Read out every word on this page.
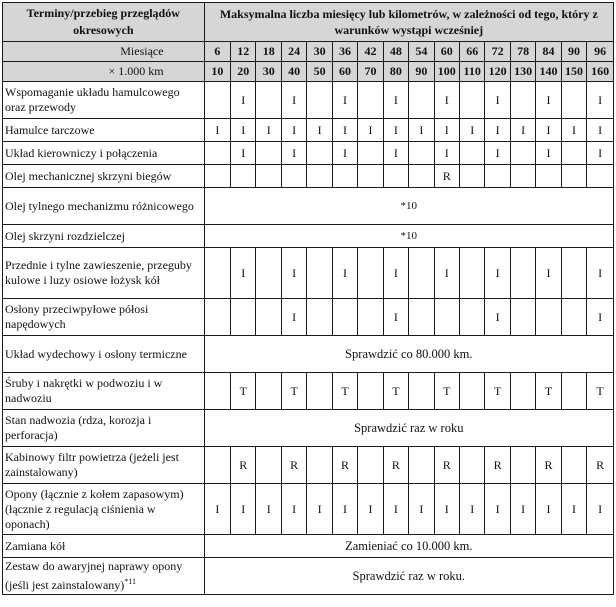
Terminy/przebieg przeglądów okresowych	Maksymalna liczba miesięcy lub kilometrów, w zależności od tego, który z warunków wystąpi wcześniej															
Miesiące	6	12	18	24	30	36	42	48	54	60	66	72	78	84	90	96
× 1.000 km	10	20	30	40	50	60	70	80	90	100	110	120	130	140	150	160
Wspomaganie układu hamulcowego oraz przewody		I		I		I		I		I		I		I		I
Hamulce tarczowe	I	I	I	I	I	I	I	I	I	I	I	I	I	I	I	I
Układ kierowniczy i połączenia		I		I		I		I		I		I		I		I
Olej mechanicznej skrzyni biegów										R						
Olej tylnego mechanizmu różnicowego	*10															
Olej skrzyni rozdzielczej	*10															
Przednie i tylne zawieszenie, przeguby kulowe i luzy osiowe łożysk kół		I		I		I		I		I		I		I		I
Osłony przeciwpyłowe półosi napędowych				I				I				I				I
Układ wydechowy i osłony termiczne	Sprawdzić co 80.000 km.															
Śruby i nakrętki w podwoziu i w nadwoziu		T		T		T		T		T		T		T		T
Stan nadwozia (rdza, korozja i perforacja)	Sprawdzić raz w roku															
Kabinowy filtr powietrza (jeżeli jest zainstalowany)		R		R		R		R		R		R		R		R
Opony (łącznie z kołem zapasowym) (łącznie z regulacją ciśnienia w oponach)	I	I	I	I	I	I	I	I	I	I	I	I	I	I	I	I
Zamiana kół	Zamieniać co 10.000 km.															
Zestaw do awaryjnej naprawy opony (jeśli jest zainstalowany)$^{*11}$	Sprawdzić raz w roku.															
